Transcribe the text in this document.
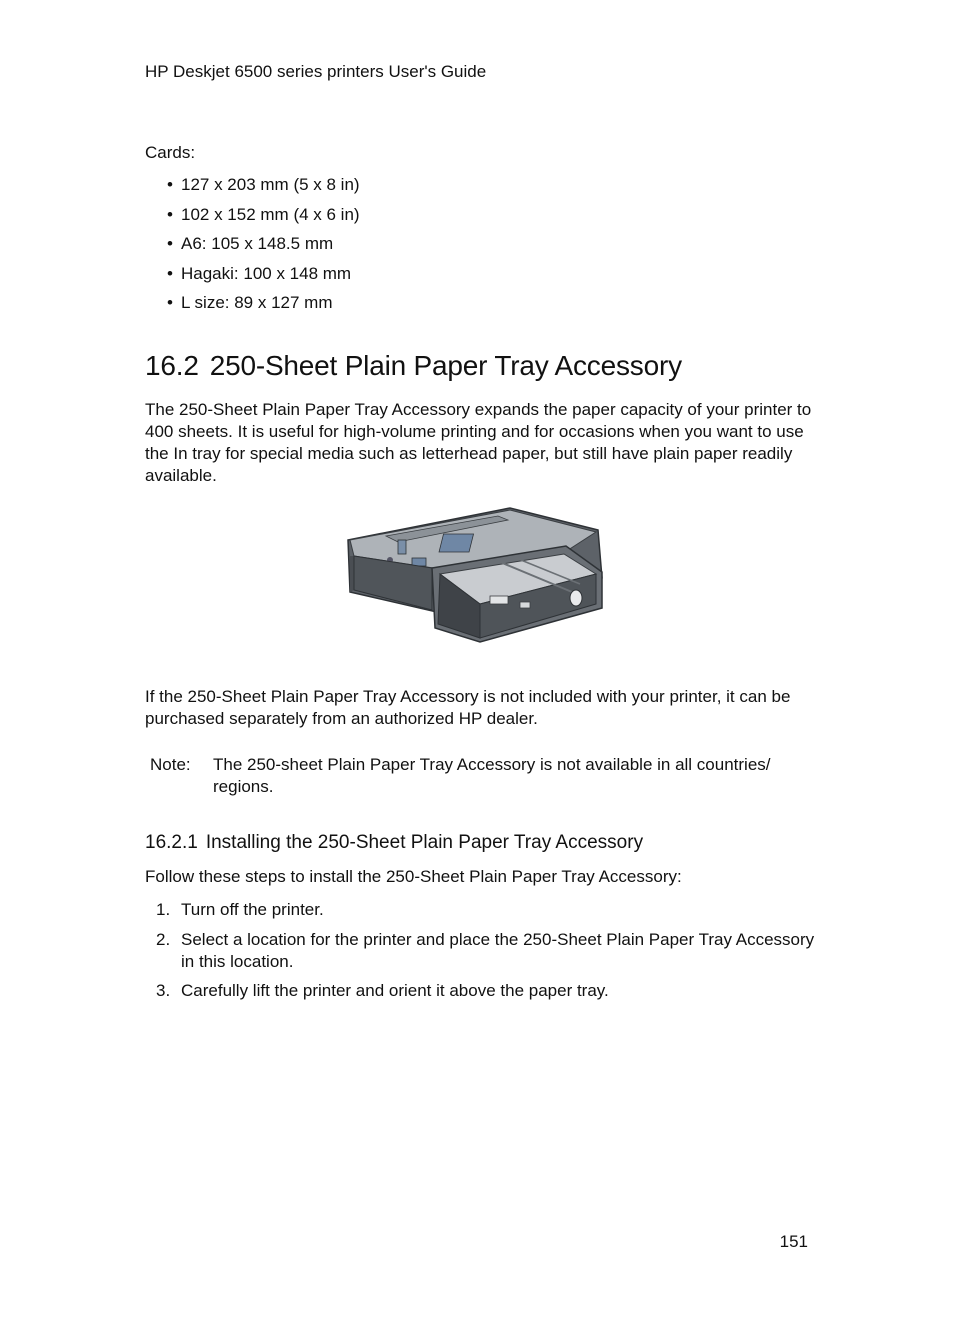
HP Deskjet 6500 series printers User's Guide
Cards:
• 127 x 203 mm (5 x 8 in)
• 102 x 152 mm (4 x 6 in)
• A6: 105 x 148.5 mm
• Hagaki: 100 x 148 mm
• L size: 89 x 127 mm
16.2 250-Sheet Plain Paper Tray Accessory
The 250-Sheet Plain Paper Tray Accessory expands the paper capacity of your printer to 400 sheets. It is useful for high-volume printing and for occasions when you want to use the In tray for special media such as letterhead paper, but still have plain paper readily available.
If the 250-Sheet Plain Paper Tray Accessory is not included with your printer, it can be purchased separately from an authorized HP dealer.
Note: The 250-sheet Plain Paper Tray Accessory is not available in all countries/ regions.
16.2.1 Installing the 250-Sheet Plain Paper Tray Accessory
Follow these steps to install the 250-Sheet Plain Paper Tray Accessory:
1. Turn off the printer.
2. Select a location for the printer and place the 250-Sheet Plain Paper Tray Accessory in this location.
3. Carefully lift the printer and orient it above the paper tray.
151
